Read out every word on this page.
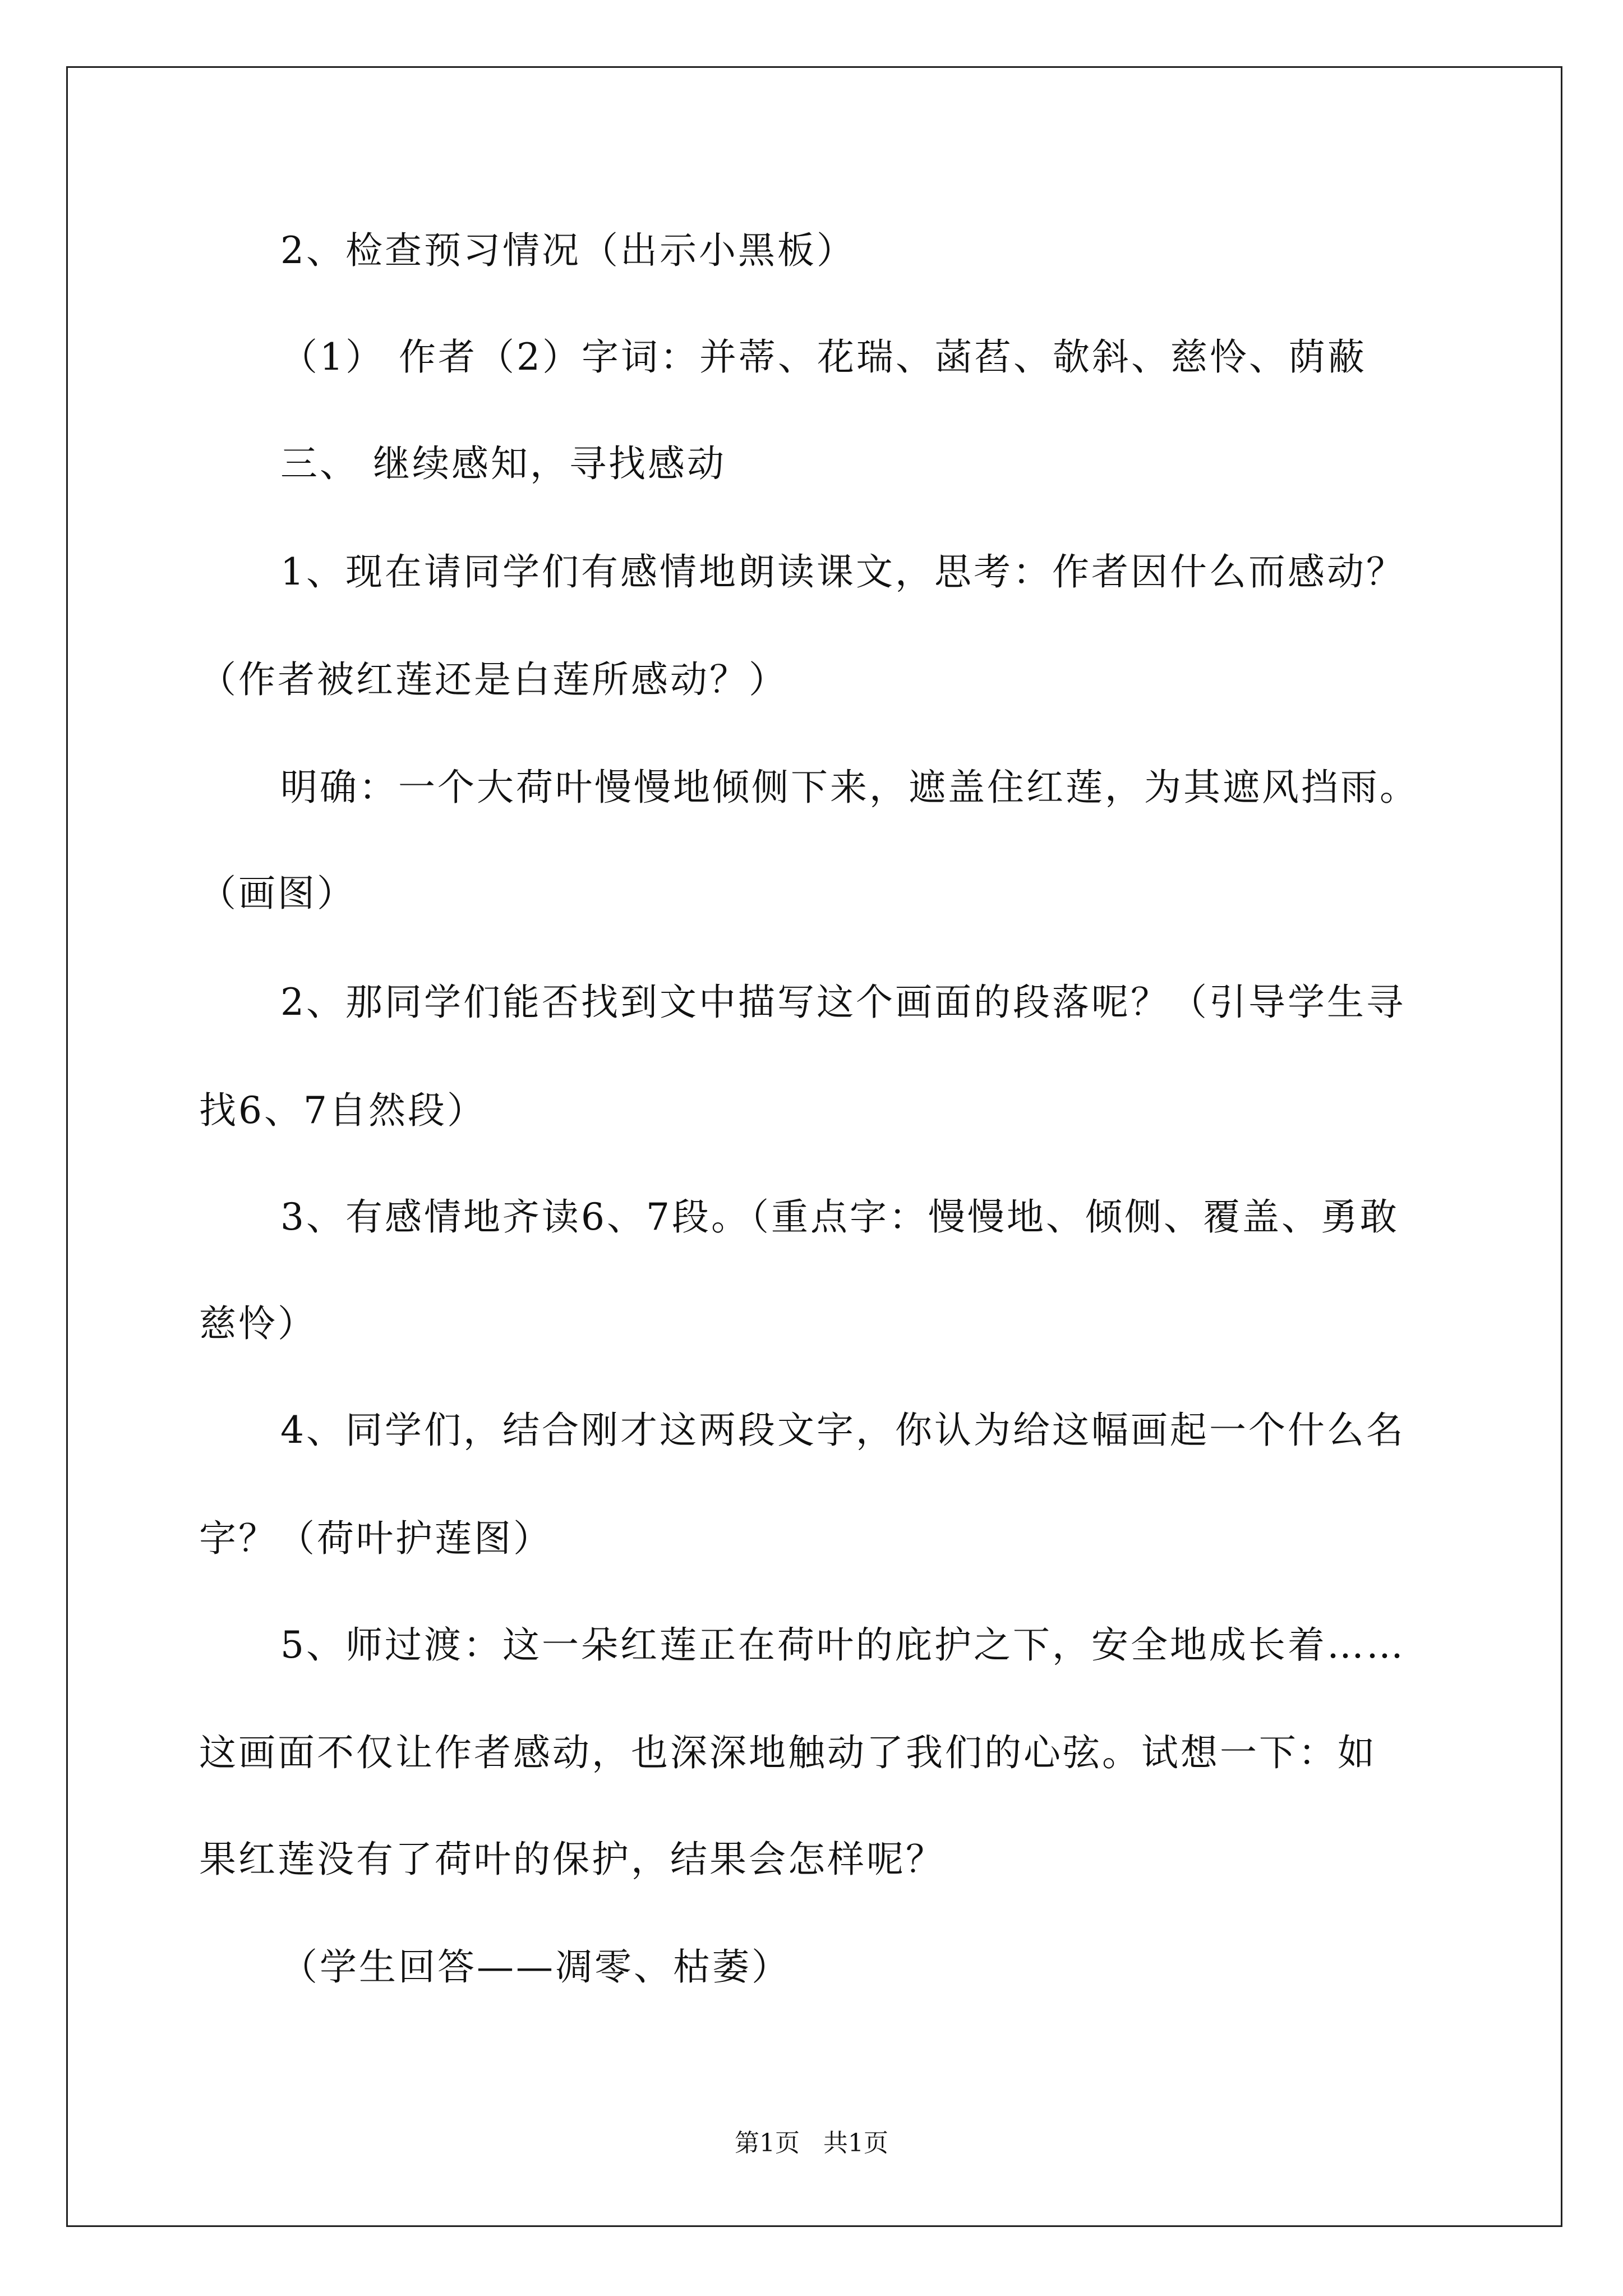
2、检查预习情况（出示小黑板）
（1） 作者（2）字词：并蒂、花瑞、菡萏、欹斜、慈怜、荫蔽
三、 继续感知，寻找感动
1、现在请同学们有感情地朗读课文，思考：作者因什么而感动？
（作者被红莲还是白莲所感动？）
明确：一个大荷叶慢慢地倾侧下来，遮盖住红莲，为其遮风挡雨。
（画图）
2、那同学们能否找到文中描写这个画面的段落呢？（引导学生寻
找6、7自然段）
3、有感情地齐读6、7段。（重点字：慢慢地、倾侧、覆盖、勇敢
慈怜）
4、同学们，结合刚才这两段文字，你认为给这幅画起一个什么名
字？（荷叶护莲图）
5、师过渡：这一朵红莲正在荷叶的庇护之下，安全地成长着……
这画面不仅让作者感动，也深深地触动了我们的心弦。试想一下：如
果红莲没有了荷叶的保护，结果会怎样呢？
（学生回答——凋零、枯萎）
第1页   共1页
